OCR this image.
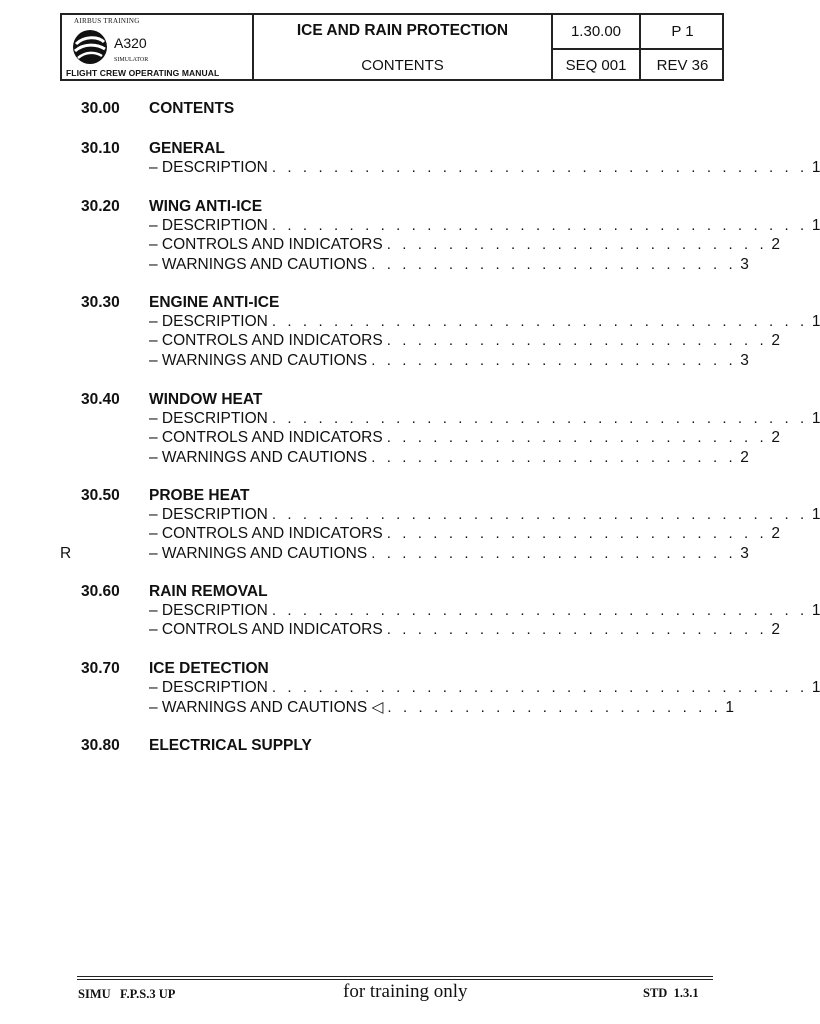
AIRBUS TRAINING
A320
SIMULATOR
FLIGHT CREW OPERATING MANUAL
ICE AND RAIN PROTECTION
CONTENTS
1.30.00	P 1
SEQ 001	REV 36
30.00 CONTENTS
30.10 GENERAL
– DESCRIPTION . . . . . . . . . . . . . . . . . . . . . . . . . . . . . . . . . . . 1
30.20 WING ANTI-ICE
– DESCRIPTION . . . . . . . . . . . . . . . . . . . . . . . . . . . . . . . . . . . 1
– CONTROLS AND INDICATORS . . . . . . . . . . . . . . . . . . . . . . . . . 2
– WARNINGS AND CAUTIONS . . . . . . . . . . . . . . . . . . . . . . . . 3
30.30 ENGINE ANTI-ICE
– DESCRIPTION . . . . . . . . . . . . . . . . . . . . . . . . . . . . . . . . . . . 1
– CONTROLS AND INDICATORS . . . . . . . . . . . . . . . . . . . . . . . . . 2
– WARNINGS AND CAUTIONS . . . . . . . . . . . . . . . . . . . . . . . . 3
30.40 WINDOW HEAT
– DESCRIPTION . . . . . . . . . . . . . . . . . . . . . . . . . . . . . . . . . . . 1
– CONTROLS AND INDICATORS . . . . . . . . . . . . . . . . . . . . . . . . . 2
– WARNINGS AND CAUTIONS . . . . . . . . . . . . . . . . . . . . . . . . 2
30.50 PROBE HEAT
– DESCRIPTION . . . . . . . . . . . . . . . . . . . . . . . . . . . . . . . . . . . 1
– CONTROLS AND INDICATORS . . . . . . . . . . . . . . . . . . . . . . . . . 2
– WARNINGS AND CAUTIONS . . . . . . . . . . . . . . . . . . . . . . . . 3
R
30.60 RAIN REMOVAL
– DESCRIPTION . . . . . . . . . . . . . . . . . . . . . . . . . . . . . . . . . . . 1
– CONTROLS AND INDICATORS . . . . . . . . . . . . . . . . . . . . . . . . . 2
30.70 ICE DETECTION
– DESCRIPTION . . . . . . . . . . . . . . . . . . . . . . . . . . . . . . . . . . . 1
– WARNINGS AND CAUTIONS ◁ . . . . . . . . . . . . . . . . . . . . . . 1
30.80 ELECTRICAL SUPPLY
SIMU   F.P.S.3 UP	for training only	STD  1.3.1
